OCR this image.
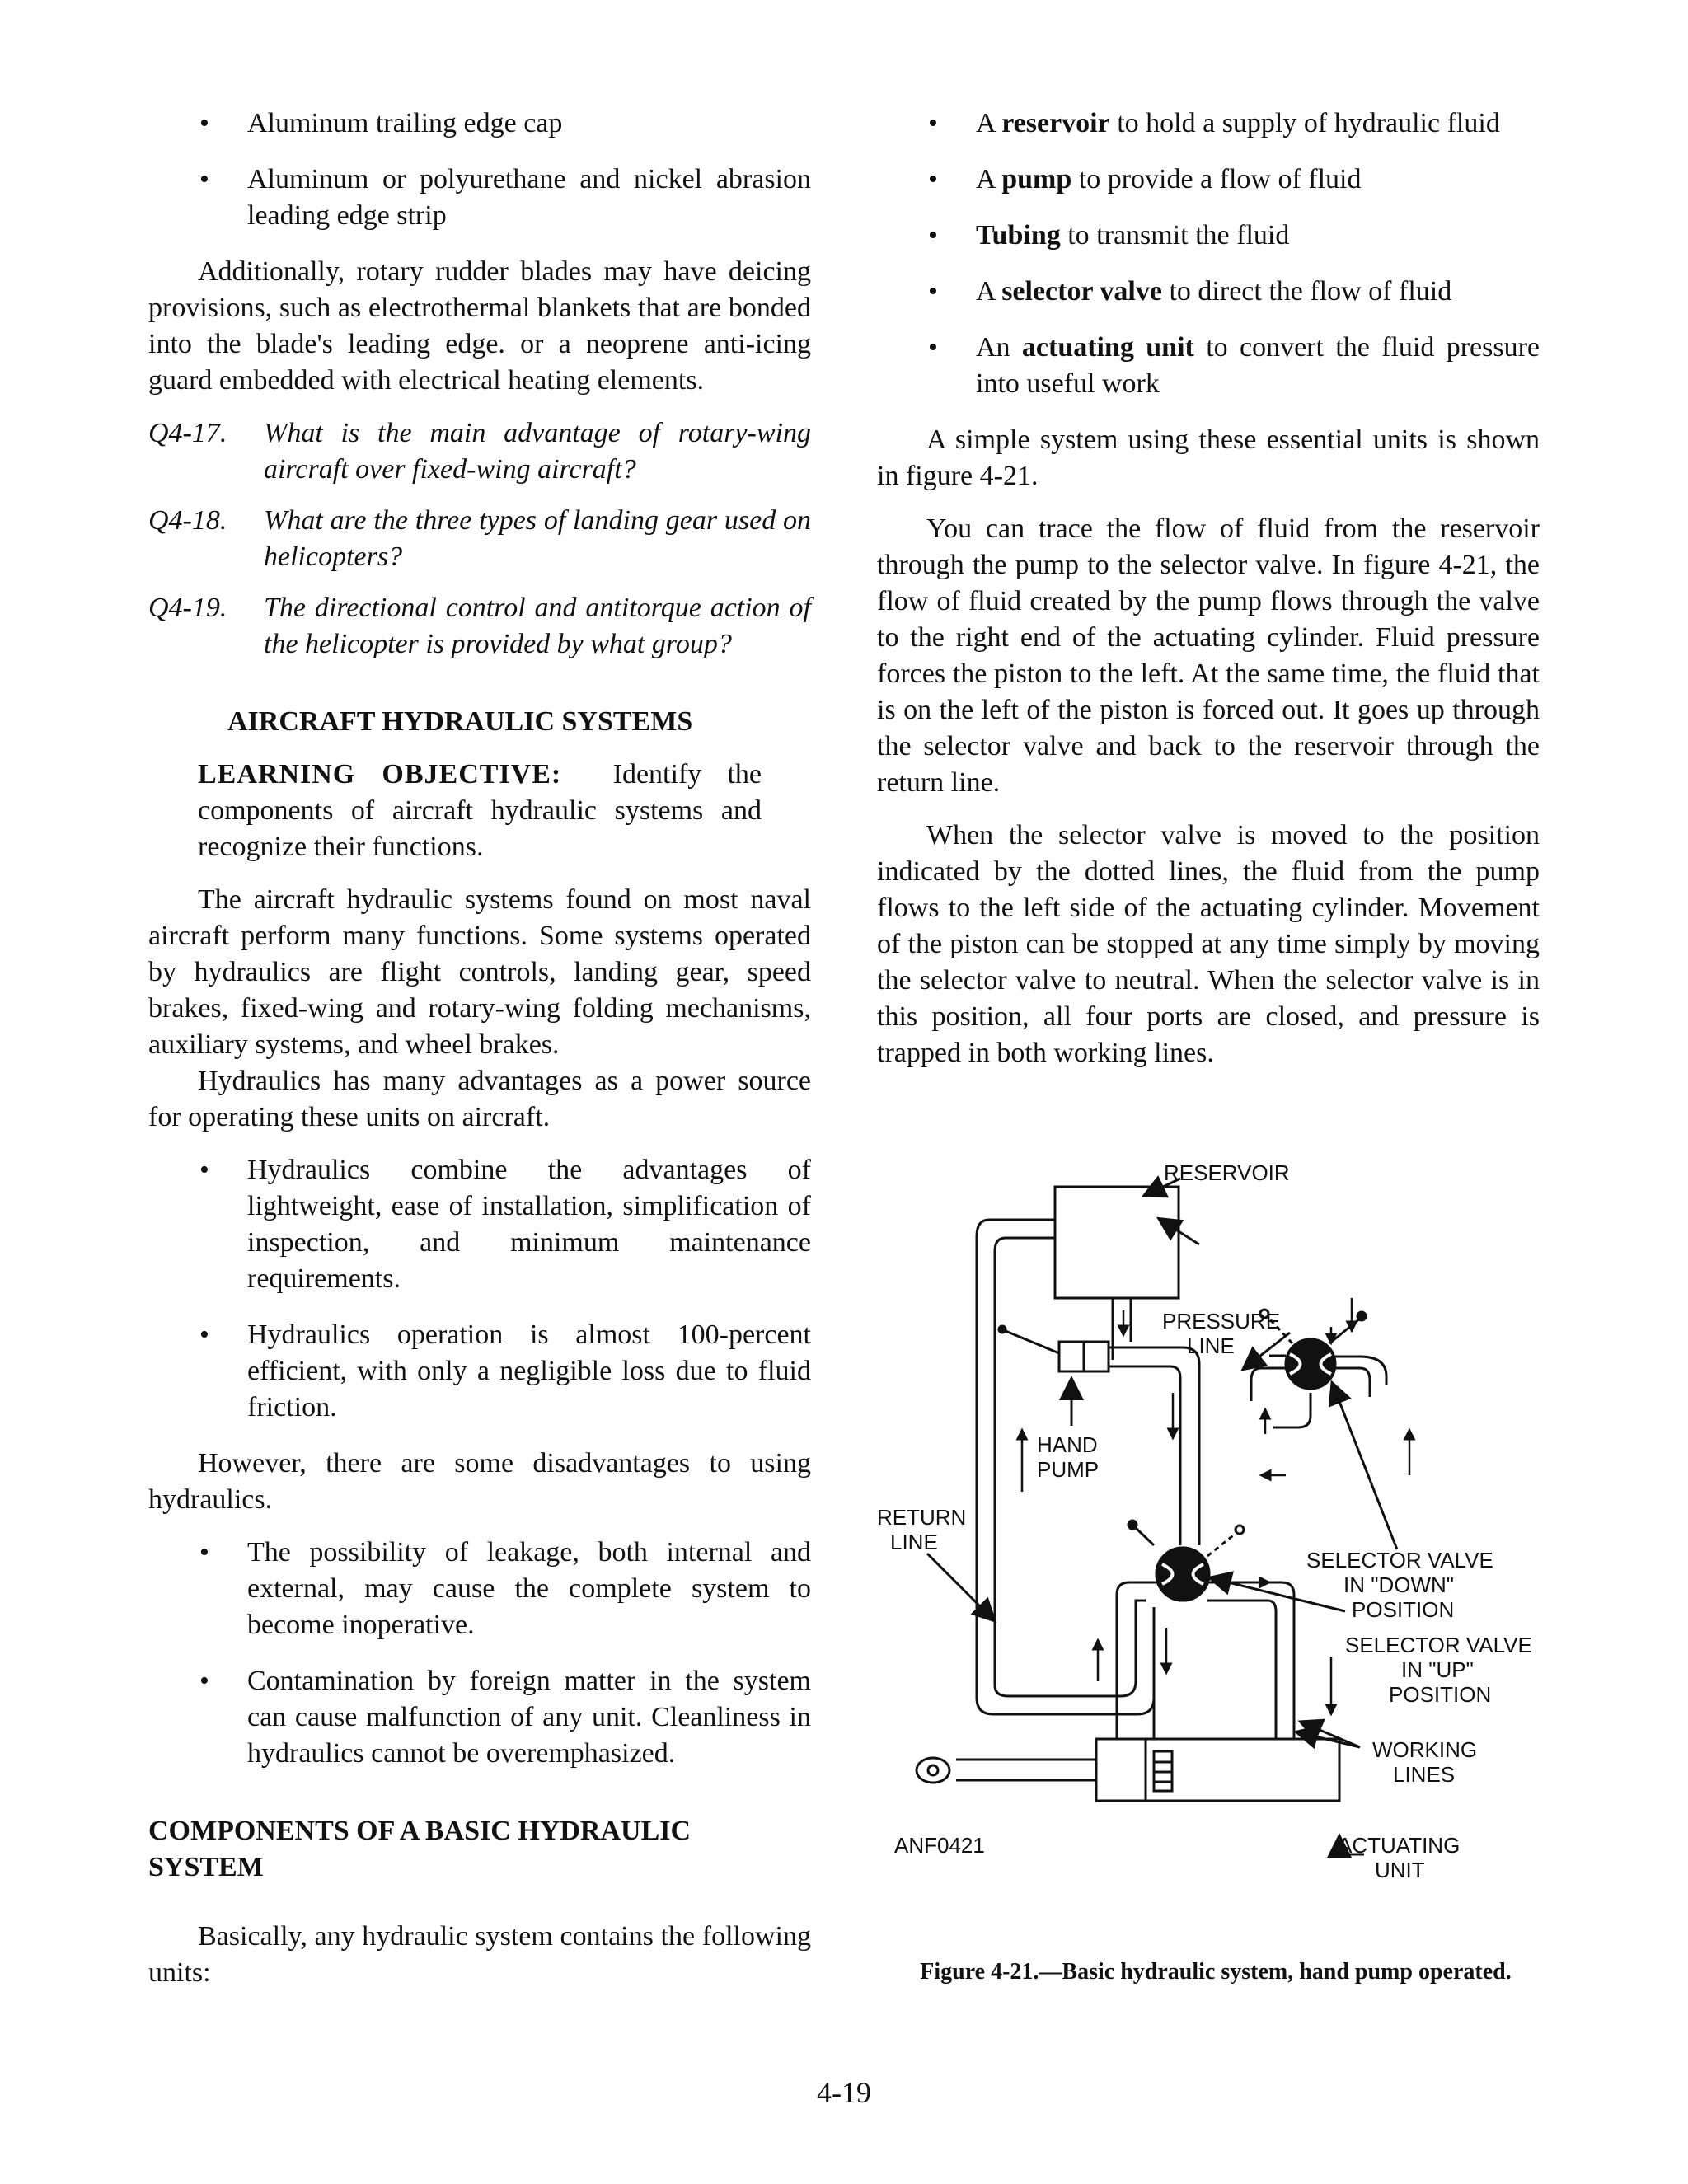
• Aluminum trailing edge cap
• Aluminum or polyurethane and nickel abrasion leading edge strip

Additionally, rotary rudder blades may have deicing provisions, such as electrothermal blankets that are bonded into the blade's leading edge. or a neoprene anti-icing guard embedded with electrical heating elements.

Q4-17.	What is the main advantage of rotary-wing aircraft over fixed-wing aircraft?
Q4-18.	What are the three types of landing gear used on helicopters?
Q4-19.	The directional control and antitorque action of the helicopter is provided by what group?
AIRCRAFT HYDRAULIC SYSTEMS
LEARNING OBJECTIVE: Identify the components of aircraft hydraulic systems and recognize their functions.

The aircraft hydraulic systems found on most naval aircraft perform many functions. Some systems operated by hydraulics are flight controls, landing gear, speed brakes, fixed-wing and rotary-wing folding mechanisms, auxiliary systems, and wheel brakes.

Hydraulics has many advantages as a power source for operating these units on aircraft.

• Hydraulics combine the advantages of lightweight, ease of installation, simplification of inspection, and minimum maintenance requirements.
• Hydraulics operation is almost 100-percent efficient, with only a negligible loss due to fluid friction.

However, there are some disadvantages to using hydraulics.

• The possibility of leakage, both internal and external, may cause the complete system to become inoperative.
• Contamination by foreign matter in the system can cause malfunction of any unit. Cleanliness in hydraulics cannot be overemphasized.
COMPONENTS OF A BASIC HYDRAULIC SYSTEM

Basically, any hydraulic system contains the following units:

• A reservoir to hold a supply of hydraulic fluid
• A pump to provide a flow of fluid
• Tubing to transmit the fluid
• A selector valve to direct the flow of fluid
• An actuating unit to convert the fluid pressure into useful work

A simple system using these essential units is shown in figure 4-21.

You can trace the flow of fluid from the reservoir through the pump to the selector valve. In figure 4-21, the flow of fluid created by the pump flows through the valve to the right end of the actuating cylinder. Fluid pressure forces the piston to the left. At the same time, the fluid that is on the left of the piston is forced out. It goes up through the selector valve and back to the reservoir through the return line.

When the selector valve is moved to the position indicated by the dotted lines, the fluid from the pump flows to the left side of the actuating cylinder. Movement of the piston can be stopped at any time simply by moving the selector valve to neutral. When the selector valve is in this position, all four ports are closed, and pressure is trapped in both working lines.

RESERVOIR
PRESSURE
LINE
HAND
PUMP
RETURN
LINE
SELECTOR VALVE
IN "DOWN"
POSITION
SELECTOR VALVE
IN "UP"
POSITION
WORKING
LINES
ACTUATING
UNIT
ANF0421
Figure 4-21.—Basic hydraulic system, hand pump operated.
4-19
